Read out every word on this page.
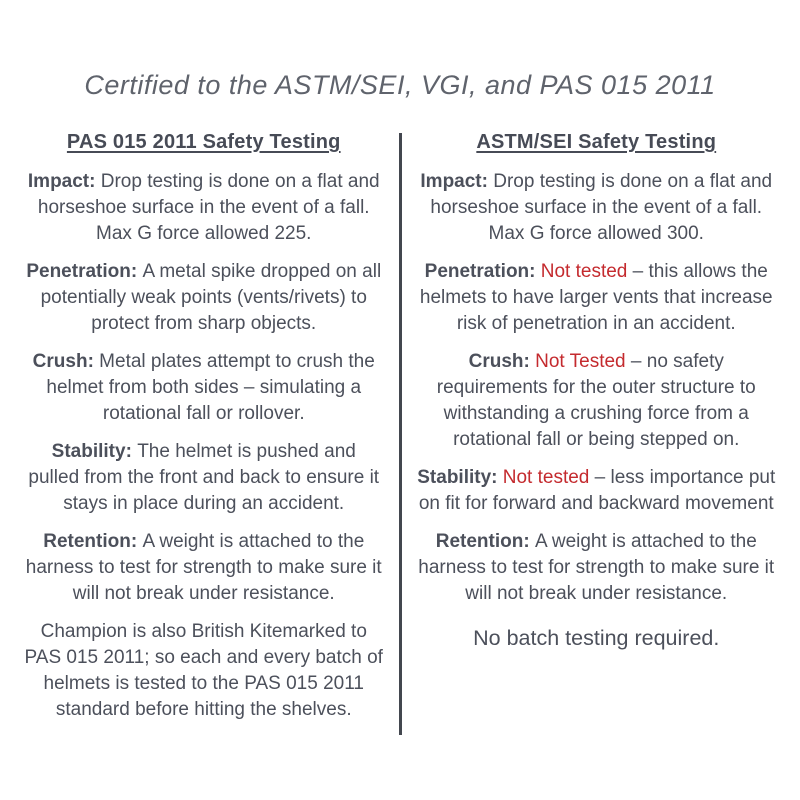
Certified to the ASTM/SEI, VGI, and PAS 015 2011
PAS 015 2011 Safety Testing

Impact: Drop testing is done on a flat and horseshoe surface in the event of a fall. Max G force allowed 225.

Penetration: A metal spike dropped on all potentially weak points (vents/rivets) to protect from sharp objects.

Crush: Metal plates attempt to crush the helmet from both sides – simulating a rotational fall or rollover.

Stability: The helmet is pushed and pulled from the front and back to ensure it stays in place during an accident.

Retention: A weight is attached to the harness to test for strength to make sure it will not break under resistance.

Champion is also British Kitemarked to PAS 015 2011; so each and every batch of helmets is tested to the PAS 015 2011 standard before hitting the shelves.

ASTM/SEI Safety Testing

Impact: Drop testing is done on a flat and horseshoe surface in the event of a fall. Max G force allowed 300.

Penetration: Not tested – this allows the helmets to have larger vents that increase risk of penetration in an accident.

Crush: Not Tested – no safety requirements for the outer structure to withstanding a crushing force from a rotational fall or being stepped on.

Stability: Not tested – less importance put on fit for forward and backward movement

Retention: A weight is attached to the harness to test for strength to make sure it will not break under resistance.

No batch testing required.
